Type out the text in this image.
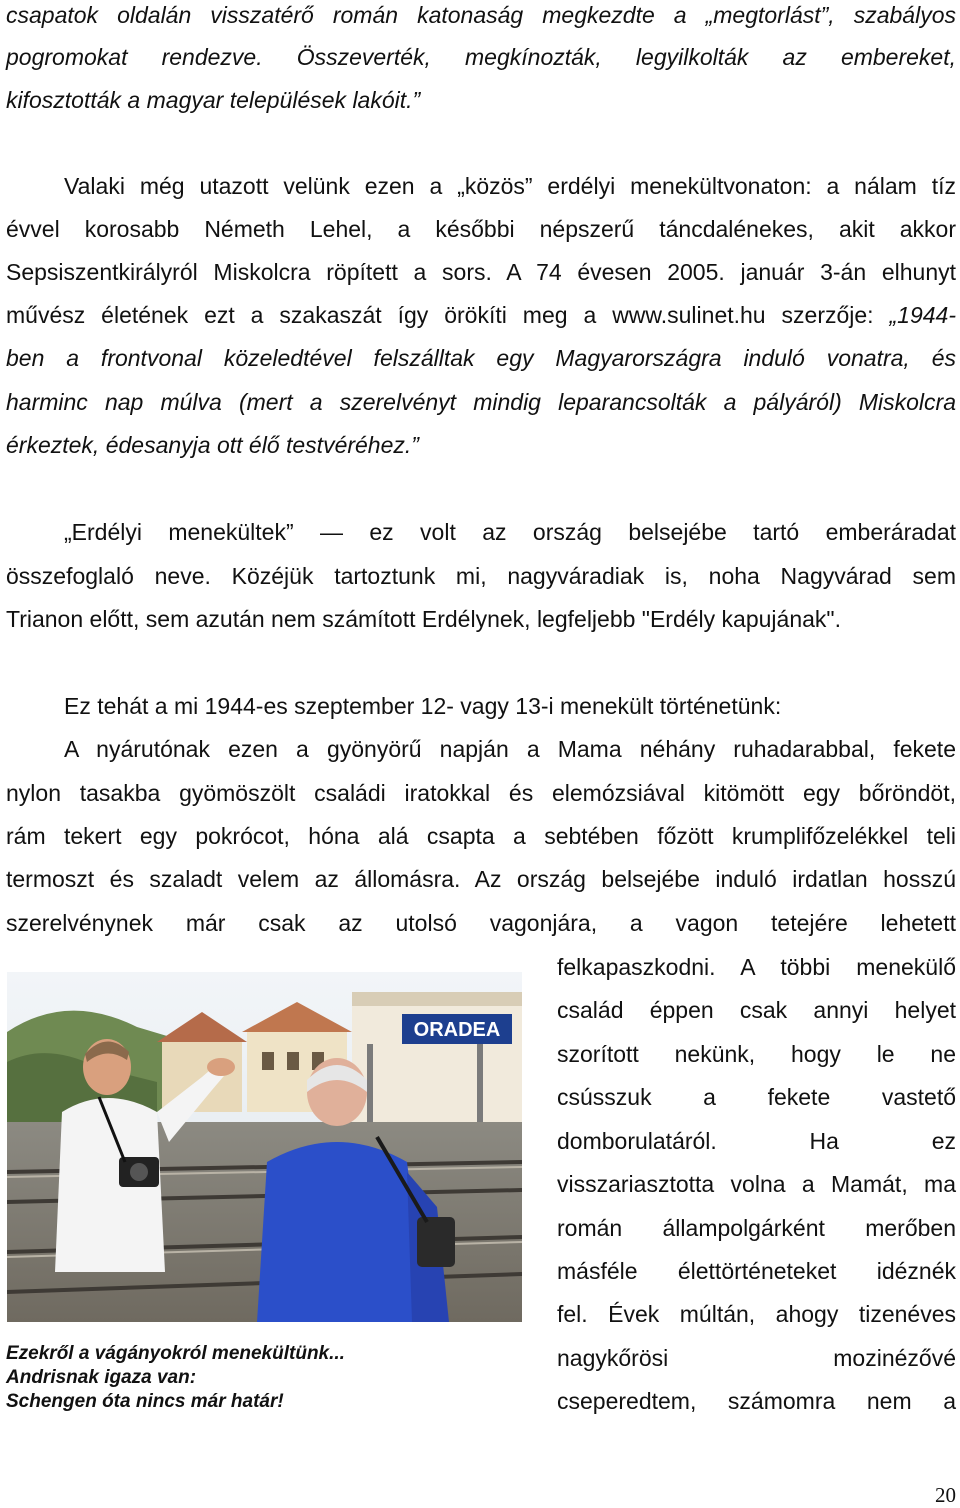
csapatok oldalán visszatérő román katonaság megkezdte a „megtorlást”, szabályos
pogromokat rendezve. Összeverték, megkínozták, legyilkolták az embereket,
kifosztották a magyar települések lakóit.”
Valaki még utazott velünk ezen a „közös” erdélyi menekültvonaton: a nálam tíz
évvel korosabb Németh Lehel, a későbbi népszerű táncdalénekes, akit akkor
Sepsiszentkirályról Miskolcra röpített a sors. A 74 évesen 2005. január 3-án elhunyt
művész életének ezt a szakaszát így örökíti meg a www.sulinet.hu szerzője: „1944-
ben a frontvonal közeledtével felszálltak egy Magyarországra induló vonatra, és
harminc nap múlva (mert a szerelvényt mindig leparancsolták a pályáról) Miskolcra
érkeztek, édesanyja ott élő testvéréhez.”
„Erdélyi menekültek” — ez volt az ország belsejébe tartó emberáradat
összefoglaló neve. Közéjük tartoztunk mi, nagyváradiak is, noha Nagyvárad sem
Trianon előtt, sem azután nem számított Erdélynek, legfeljebb "Erdély kapujának".
Ez tehát a mi 1944-es szeptember 12- vagy 13-i menekült történetünk:
A nyárutónak ezen a gyönyörű napján a Mama néhány ruhadarabbal, fekete
nylon tasakba gyömöszölt családi iratokkal és elemózsiával kitömött egy bőröndöt,
rám tekert egy pokrócot, hóna alá csapta a sebtében főzött krumplifőzelékkel teli
termoszt és szaladt velem az állomásra. Az ország belsejébe induló irdatlan hosszú
szerelvénynek már csak az utolsó vagonjára, a vagon tetejére lehetett
felkapaszkodni. A többi menekülő
család éppen csak annyi helyet
szorított nekünk, hogy le ne
csússzuk a fekete vastető
domborulatáról. Ha ez
visszariasztotta volna a Mamát, ma
román állampolgárként merőben
másféle élettörténeteket idéznék
fel. Évek múltán, ahogy tizenéves
nagykőrösi mozinézővé
cseperedtem, számomra nem a
ORADEA
Ezekről a vágányokról menekültünk...
Andrisnak igaza van:
Schengen óta nincs már határ!
20
